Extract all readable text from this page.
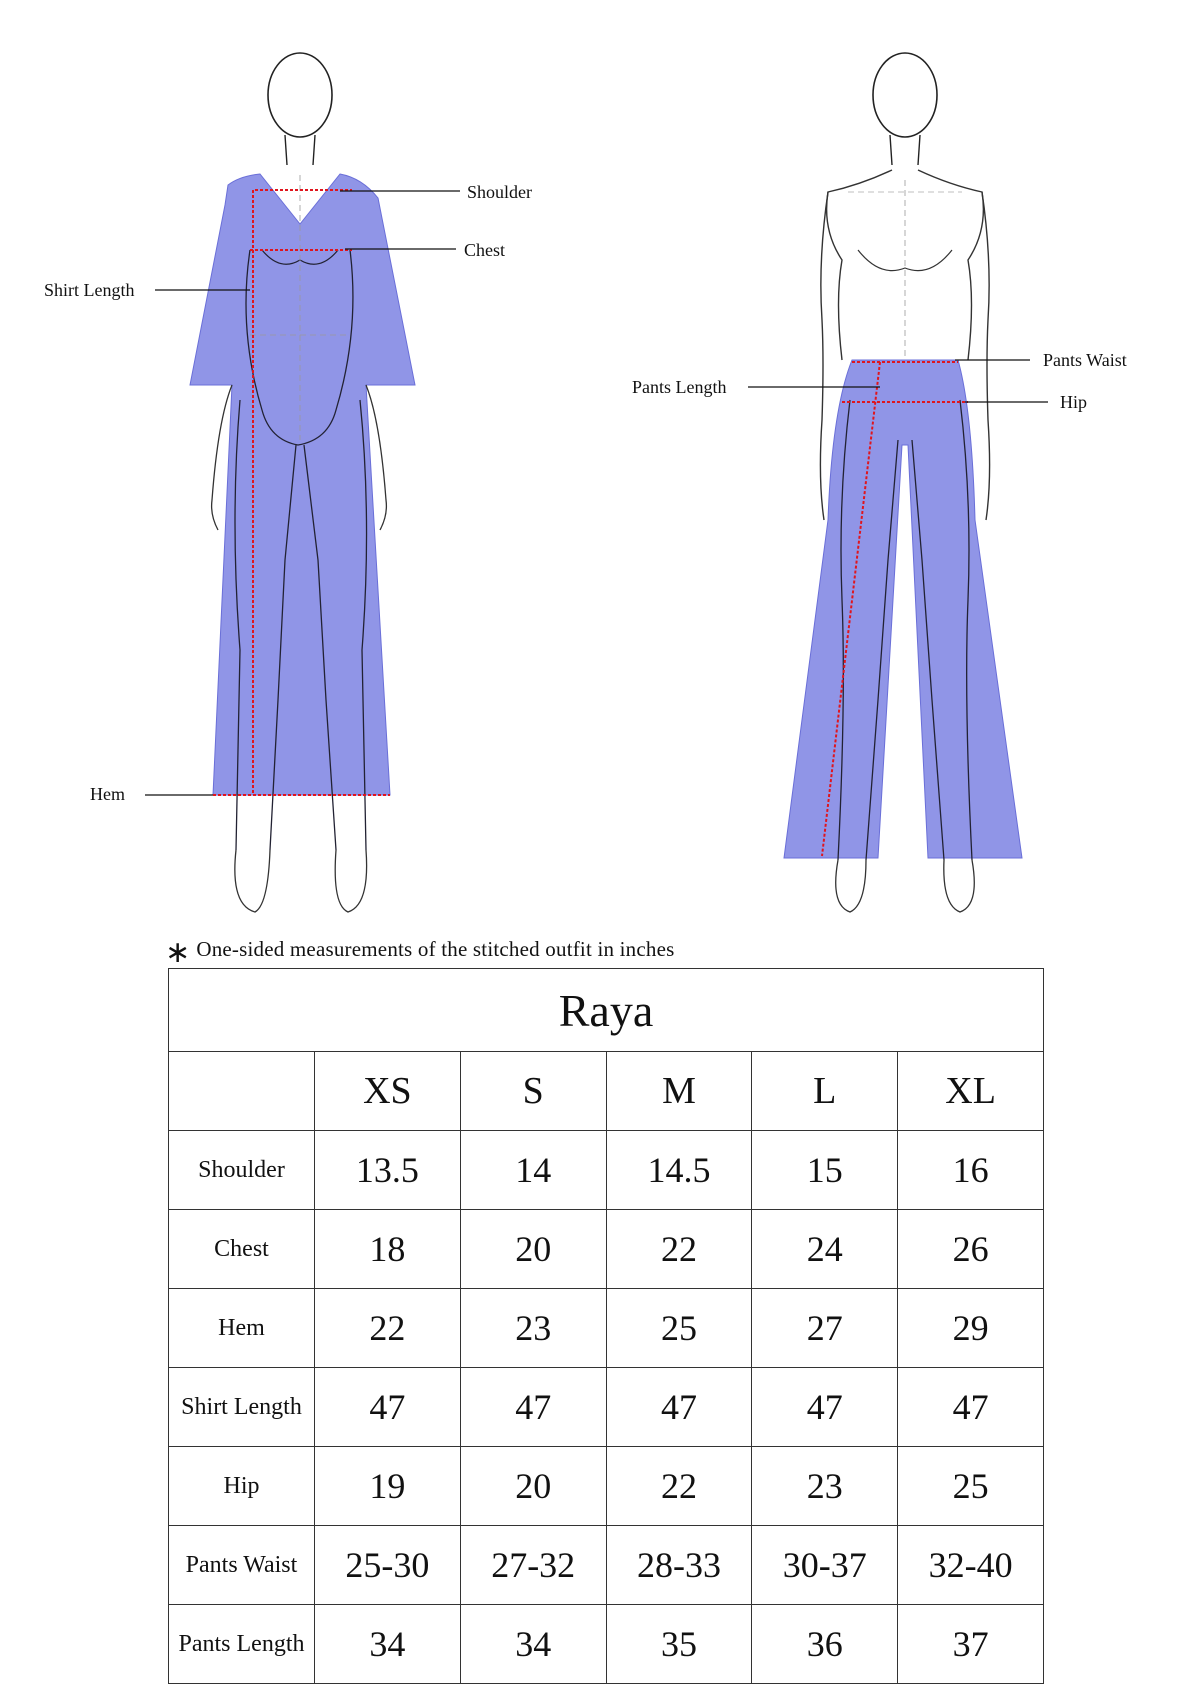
Shoulder
Chest
Shirt Length
Hem
Pants Waist
Pants Length
Hip
∗ One-sided measurements of the stitched outfit in inches
Raya					
	XS	S	M	L	XL
Shoulder	13.5	14	14.5	15	16
Chest	18	20	22	24	26
Hem	22	23	25	27	29
Shirt Length	47	47	47	47	47
Hip	19	20	22	23	25
Pants Waist	25-30	27-32	28-33	30-37	32-40
Pants Length	34	34	35	36	37
